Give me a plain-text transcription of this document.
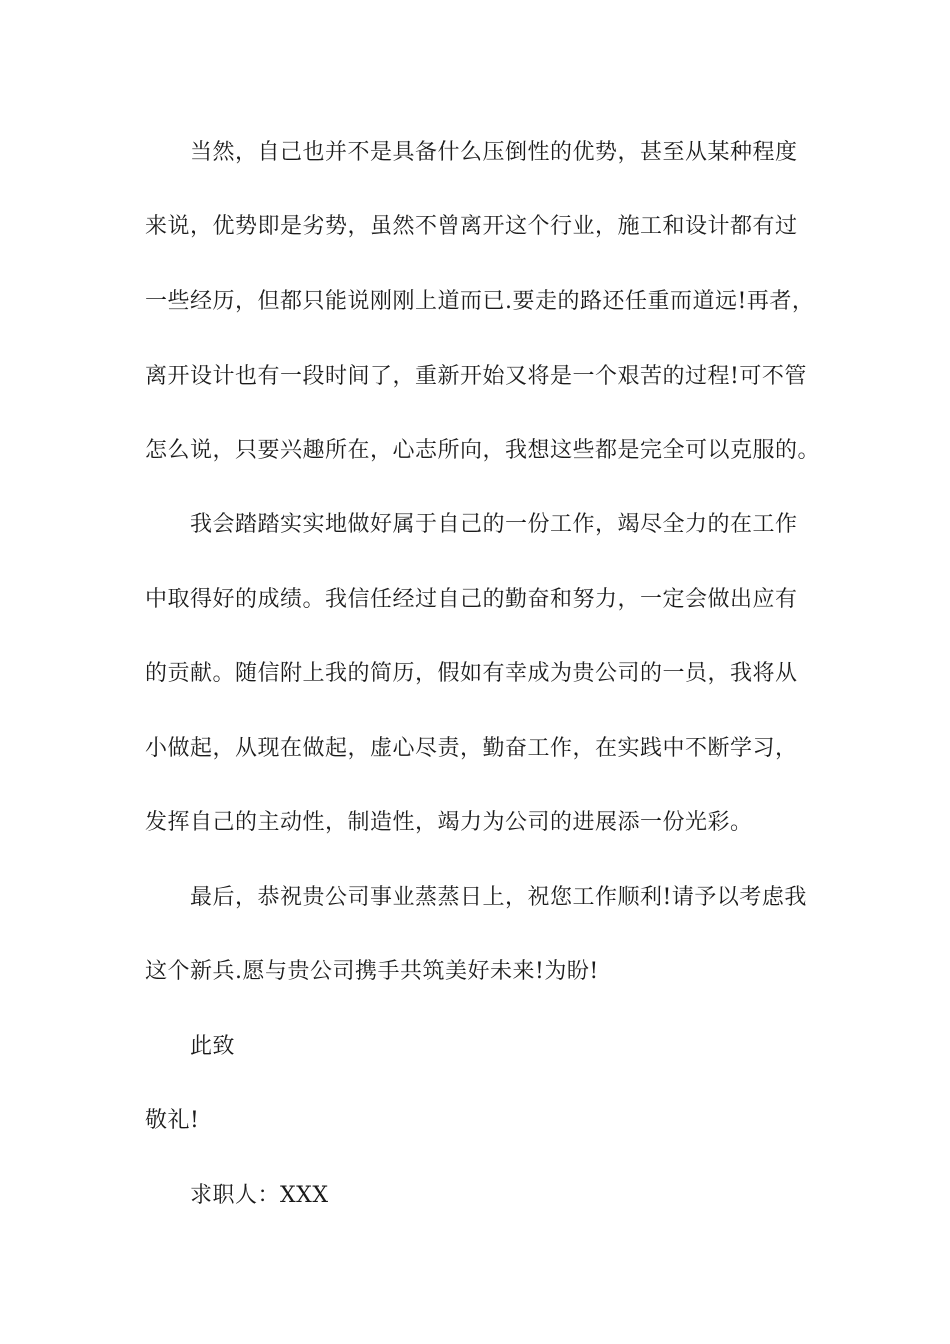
当然，自己也并不是具备什么压倒性的优势，甚至从某种程度
来说，优势即是劣势，虽然不曾离开这个行业，施工和设计都有过
一些经历，但都只能说刚刚上道而已.要走的路还任重而道远!再者，
离开设计也有一段时间了，重新开始又将是一个艰苦的过程!可不管
怎么说，只要兴趣所在，心志所向，我想这些都是完全可以克服的。
我会踏踏实实地做好属于自己的一份工作，竭尽全力的在工作
中取得好的成绩。我信任经过自己的勤奋和努力，一定会做出应有
的贡献。随信附上我的简历，假如有幸成为贵公司的一员，我将从
小做起，从现在做起，虚心尽责，勤奋工作，在实践中不断学习，
发挥自己的主动性，制造性，竭力为公司的进展添一份光彩。
最后，恭祝贵公司事业蒸蒸日上，祝您工作顺利!请予以考虑我
这个新兵.愿与贵公司携手共筑美好未来!为盼!
此致
敬礼!
求职人：XXX
